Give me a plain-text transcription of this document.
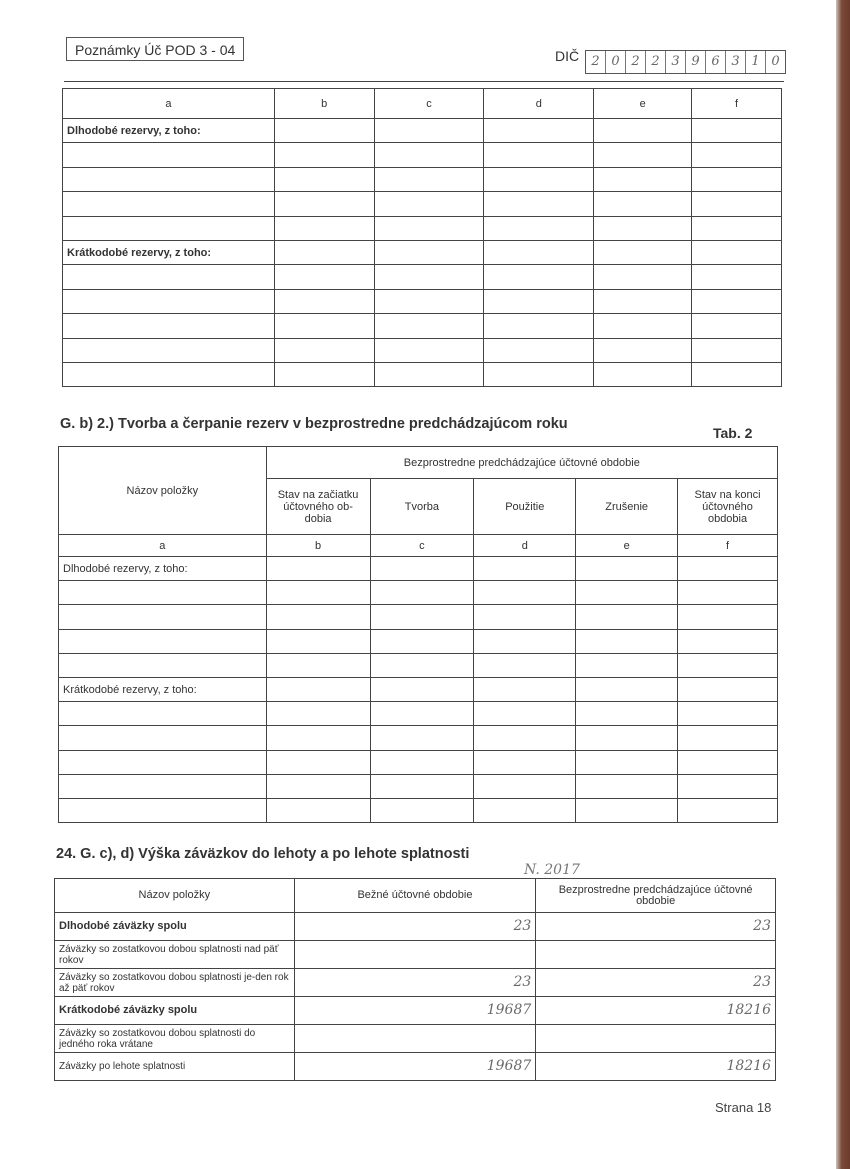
Poznámky Úč POD 3 - 04	DIČ 2 0 2 2 3 9 6 3 1 0
a	b	c	d	e	f
Dlhodobé rezervy, z toho:					

Krátkodobé rezervy, z toho:					

G. b) 2.) Tvorba a čerpanie rezerv v bezprostredne predchádzajúcom roku
Tab. 2
Názov položky	Bezprostredne predchádzajúce účtovné obdobie				
	Stav na začiatku účtovného ob-dobia	Tvorba	Použitie	Zrušenie	Stav na konci účtovného obdobia
a	b	c	d	e	f
Dlhodobé rezervy, z toho:					

Krátkodobé rezervy, z toho:					

24. G. c), d) Výška záväzkov do lehoty a po lehote splatnosti
N. 2017
Názov položky	Bežné účtovné obdobie	Bezprostredne predchádzajúce účtovné obdobie
Dlhodobé záväzky spolu	23	23
Záväzky so zostatkovou dobou splatnosti nad päť rokov		
Záväzky so zostatkovou dobou splatnosti je-den rok až päť rokov	23	23
Krátkodobé záväzky spolu	19687	18216
Záväzky so zostatkovou dobou splatnosti do jedného roka vrátane		
Záväzky po lehote splatnosti	19687	18216
Strana 18
